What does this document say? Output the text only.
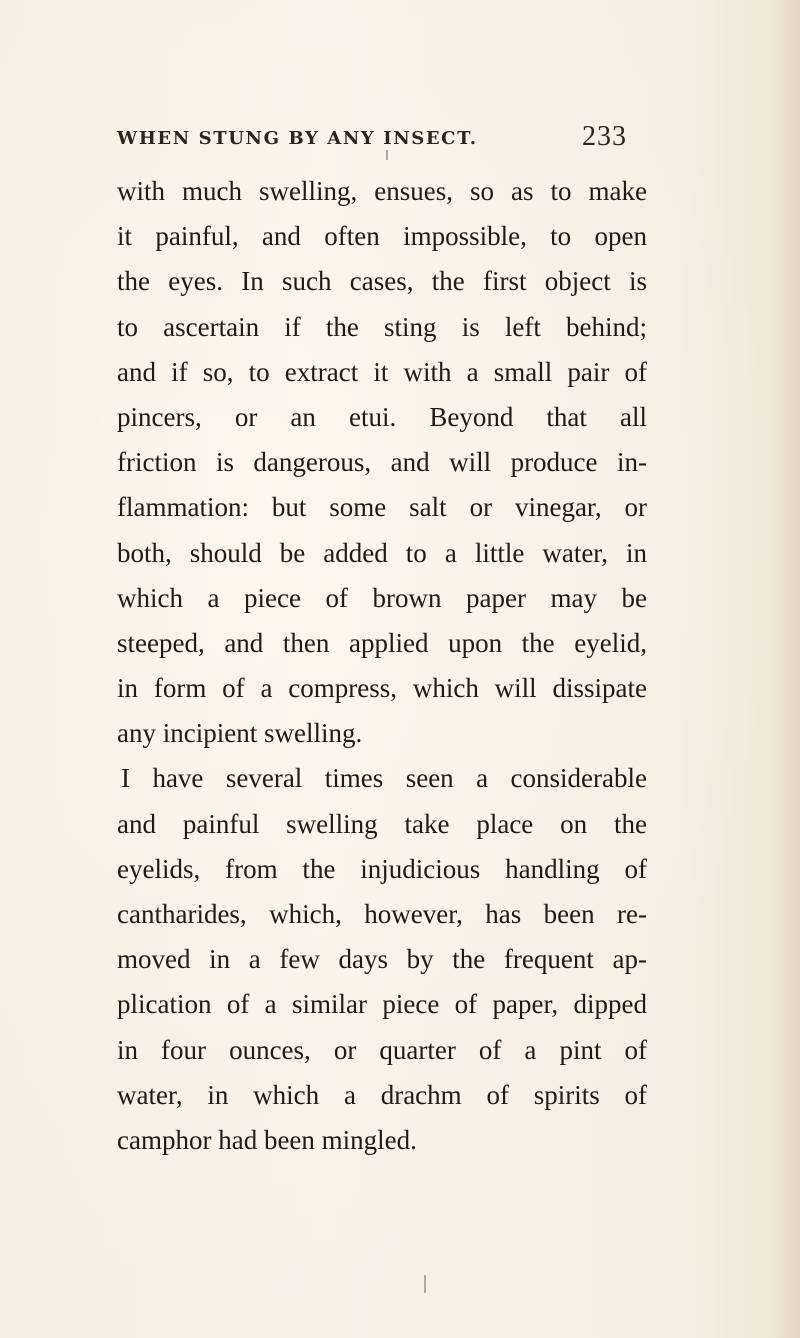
WHEN STUNG BY ANY INSECT.	233
with much swelling, ensues, so as to make
it painful, and often impossible, to open
the eyes. In such cases, the first object is
to ascertain if the sting is left behind;
and if so, to extract it with a small pair of
pincers, or an etui. Beyond that all
friction is dangerous, and will produce in-
flammation: but some salt or vinegar, or
both, should be added to a little water, in
which a piece of brown paper may be
steeped, and then applied upon the eyelid,
in form of a compress, which will dissipate
any incipient swelling.
I have several times seen a considerable
and painful swelling take place on the
eyelids, from the injudicious handling of
cantharides, which, however, has been re-
moved in a few days by the frequent ap-
plication of a similar piece of paper, dipped
in four ounces, or quarter of a pint of
water, in which a drachm of spirits of
camphor had been mingled.
